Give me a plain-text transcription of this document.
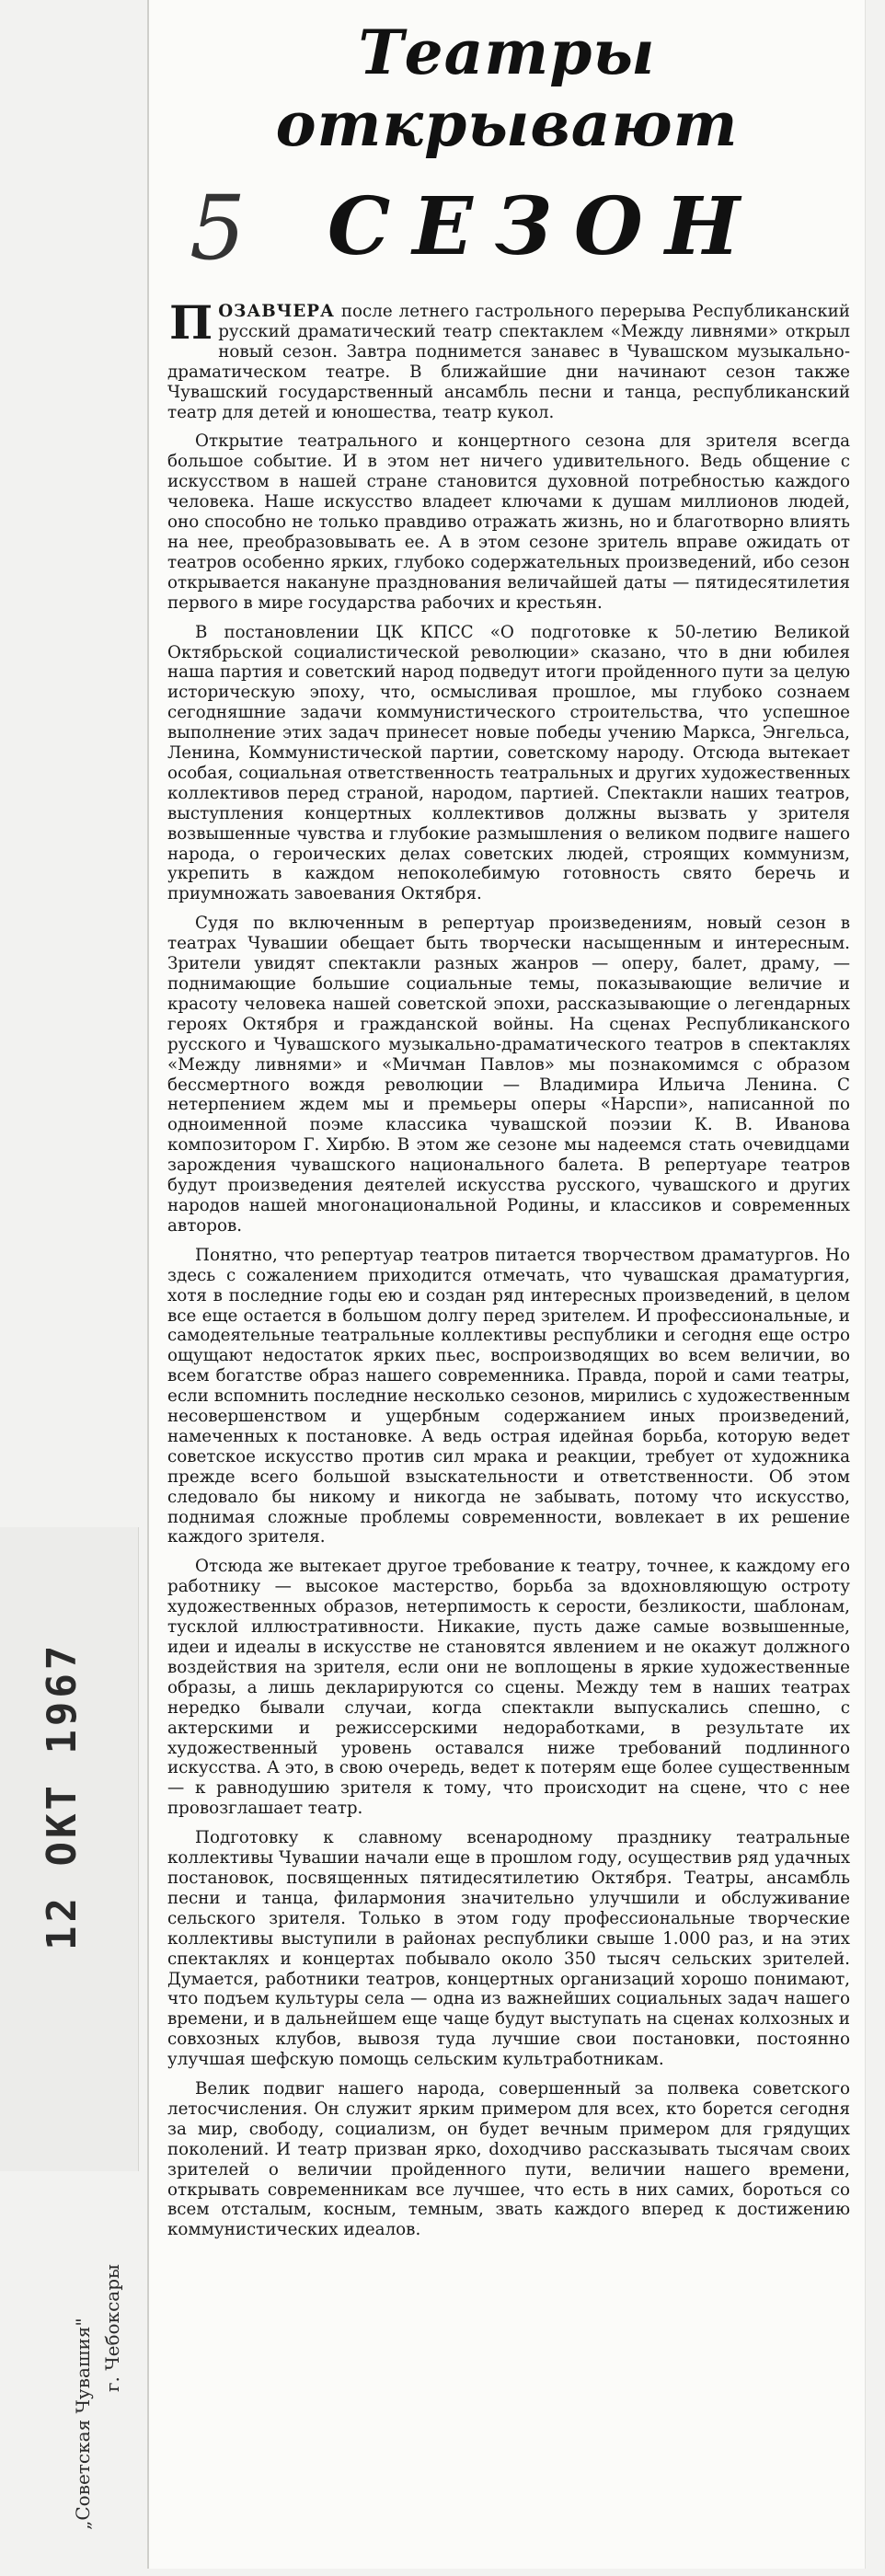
12 ОКТ 1967
„Советская Чувашия" г. Чебоксары
Театры открывают
5	СЕЗОН

ПОЗАВЧЕРА после летнего гастрольного перерыва Республиканский русский драматический театр спектаклем «Между ливнями» открыл новый сезон. Завтра поднимется занавес в Чувашском музыкально-драматическом театре. В ближайшие дни начинают сезон также Чувашский государственный ансамбль песни и танца, республиканский театр для детей и юношества, театр кукол.

Открытие театрального и концертного сезона для зрителя всегда большое событие. И в этом нет ничего удивительного. Ведь общение с искусством в нашей стране становится духовной потребностью каждого человека. Наше искусство владеет ключами к душам миллионов людей, оно способно не только правдиво отражать жизнь, но и благотворно влиять на нее, преобразовывать ее. А в этом сезоне зритель вправе ожидать от театров особенно ярких, глубоко содержательных произведений, ибо сезон открывается накануне празднования величайшей даты — пятидесятилетия первого в мире государства рабочих и крестьян.

В постановлении ЦК КПСС «О подготовке к 50-летию Великой Октябрьской социалистической революции» сказано, что в дни юбилея наша партия и советский народ подведут итоги пройденного пути за целую историческую эпоху, что, осмысливая прошлое, мы глубоко сознаем сегодняшние задачи коммунистического строительства, что успешное выполнение этих задач принесет новые победы учению Маркса, Энгельса, Ленина, Коммунистической партии, советскому народу. Отсюда вытекает особая, социальная ответственность театральных и других художественных коллективов перед страной, народом, партией. Спектакли наших театров, выступления концертных коллективов должны вызвать у зрителя возвышенные чувства и глубокие размышления о великом подвиге нашего народа, о героических делах советских людей, строящих коммунизм, укрепить в каждом непоколебимую готовность свято беречь и приумножать завоевания Октября.

Судя по включенным в репертуар произведениям, новый сезон в театрах Чувашии обещает быть творчески насыщенным и интересным. Зрители увидят спектакли разных жанров — оперу, балет, драму, — поднимающие большие социальные темы, показывающие величие и красоту человека нашей советской эпохи, рассказывающие о легендарных героях Октября и гражданской войны. На сценах Республиканского русского и Чувашского музыкально-драматического театров в спектаклях «Между ливнями» и «Мичман Павлов» мы познакомимся с образом бессмертного вождя революции — Владимира Ильича Ленина. С нетерпением ждем мы и премьеры оперы «Нарспи», написанной по одноименной поэме классика чувашской поэзии К. В. Иванова композитором Г. Хирбю. В этом же сезоне мы надеемся стать очевидцами зарождения чувашского национального балета. В репертуаре театров будут произведения деятелей искусства русского, чувашского и других народов нашей многонациональной Родины, и классиков и современных авторов.

Понятно, что репертуар театров питается творчеством драматургов. Но здесь с сожалением приходится отмечать, что чувашская драматургия, хотя в последние годы ею и создан ряд интересных произведений, в целом все еще остается в большом долгу перед зрителем. И профессиональные, и самодеятельные театральные коллективы республики и сегодня еще остро ощущают недостаток ярких пьес, воспроизводящих во всем величии, во всем богатстве образ нашего современника. Правда, порой и сами театры, если вспомнить последние несколько сезонов, мирились с художественным несовершенством и ущербным содержанием иных произведений, намеченных к постановке. А ведь острая идейная борьба, которую ведет советское искусство против сил мрака и реакции, требует от художника прежде всего большой взыскательности и ответственности. Об этом следовало бы никому и никогда не забывать, потому что искусство, поднимая сложные проблемы современности, вовлекает в их решение каждого зрителя.

Отсюда же вытекает другое требование к театру, точнее, к каждому его работнику — высокое мастерство, борьба за вдохновляющую остроту художественных образов, нетерпимость к серости, безликости, шаблонам, тусклой иллюстративности. Никакие, пусть даже самые возвышенные, идеи и идеалы в искусстве не становятся явлением и не окажут должного воздействия на зрителя, если они не воплощены в яркие художественные образы, а лишь декларируются со сцены. Между тем в наших театрах нередко бывали случаи, когда спектакли выпускались спешно, с актерскими и режиссерскими недоработками, в результате их художественный уровень оставался ниже требований подлинного искусства. А это, в свою очередь, ведет к потерям еще более существенным — к равнодушию зрителя к тому, что происходит на сцене, что с нее провозглашает театр.

Подготовку к славному всенародному празднику театральные коллективы Чувашии начали еще в прошлом году, осуществив ряд удачных постановок, посвященных пятидесятилетию Октября. Театры, ансамбль песни и танца, филармония значительно улучшили и обслуживание сельского зрителя. Только в этом году профессиональные творческие коллективы выступили в районах республики свыше 1.000 раз, и на этих спектаклях и концертах побывало около 350 тысяч сельских зрителей. Думается, работники театров, концертных организаций хорошо понимают, что подъем культуры села — одна из важнейших социальных задач нашего времени, и в дальнейшем еще чаще будут выступать на сценах колхозных и совхозных клубов, вывозя туда лучшие свои постановки, постоянно улучшая шефскую помощь сельским культработникам.

Велик подвиг нашего народа, совершенный за полвека советского летосчисления. Он служит ярким примером для всех, кто борется сегодня за мир, свободу, социализм, он будет вечным примером для грядущих поколений. И театр призван ярко, doходчиво рассказывать тысячам своих зрителей о величии пройденного пути, величии нашего времени, открывать современникам все лучшее, что есть в них самих, бороться со всем отсталым, косным, темным, звать каждого вперед к достижению коммунистических идеалов.
